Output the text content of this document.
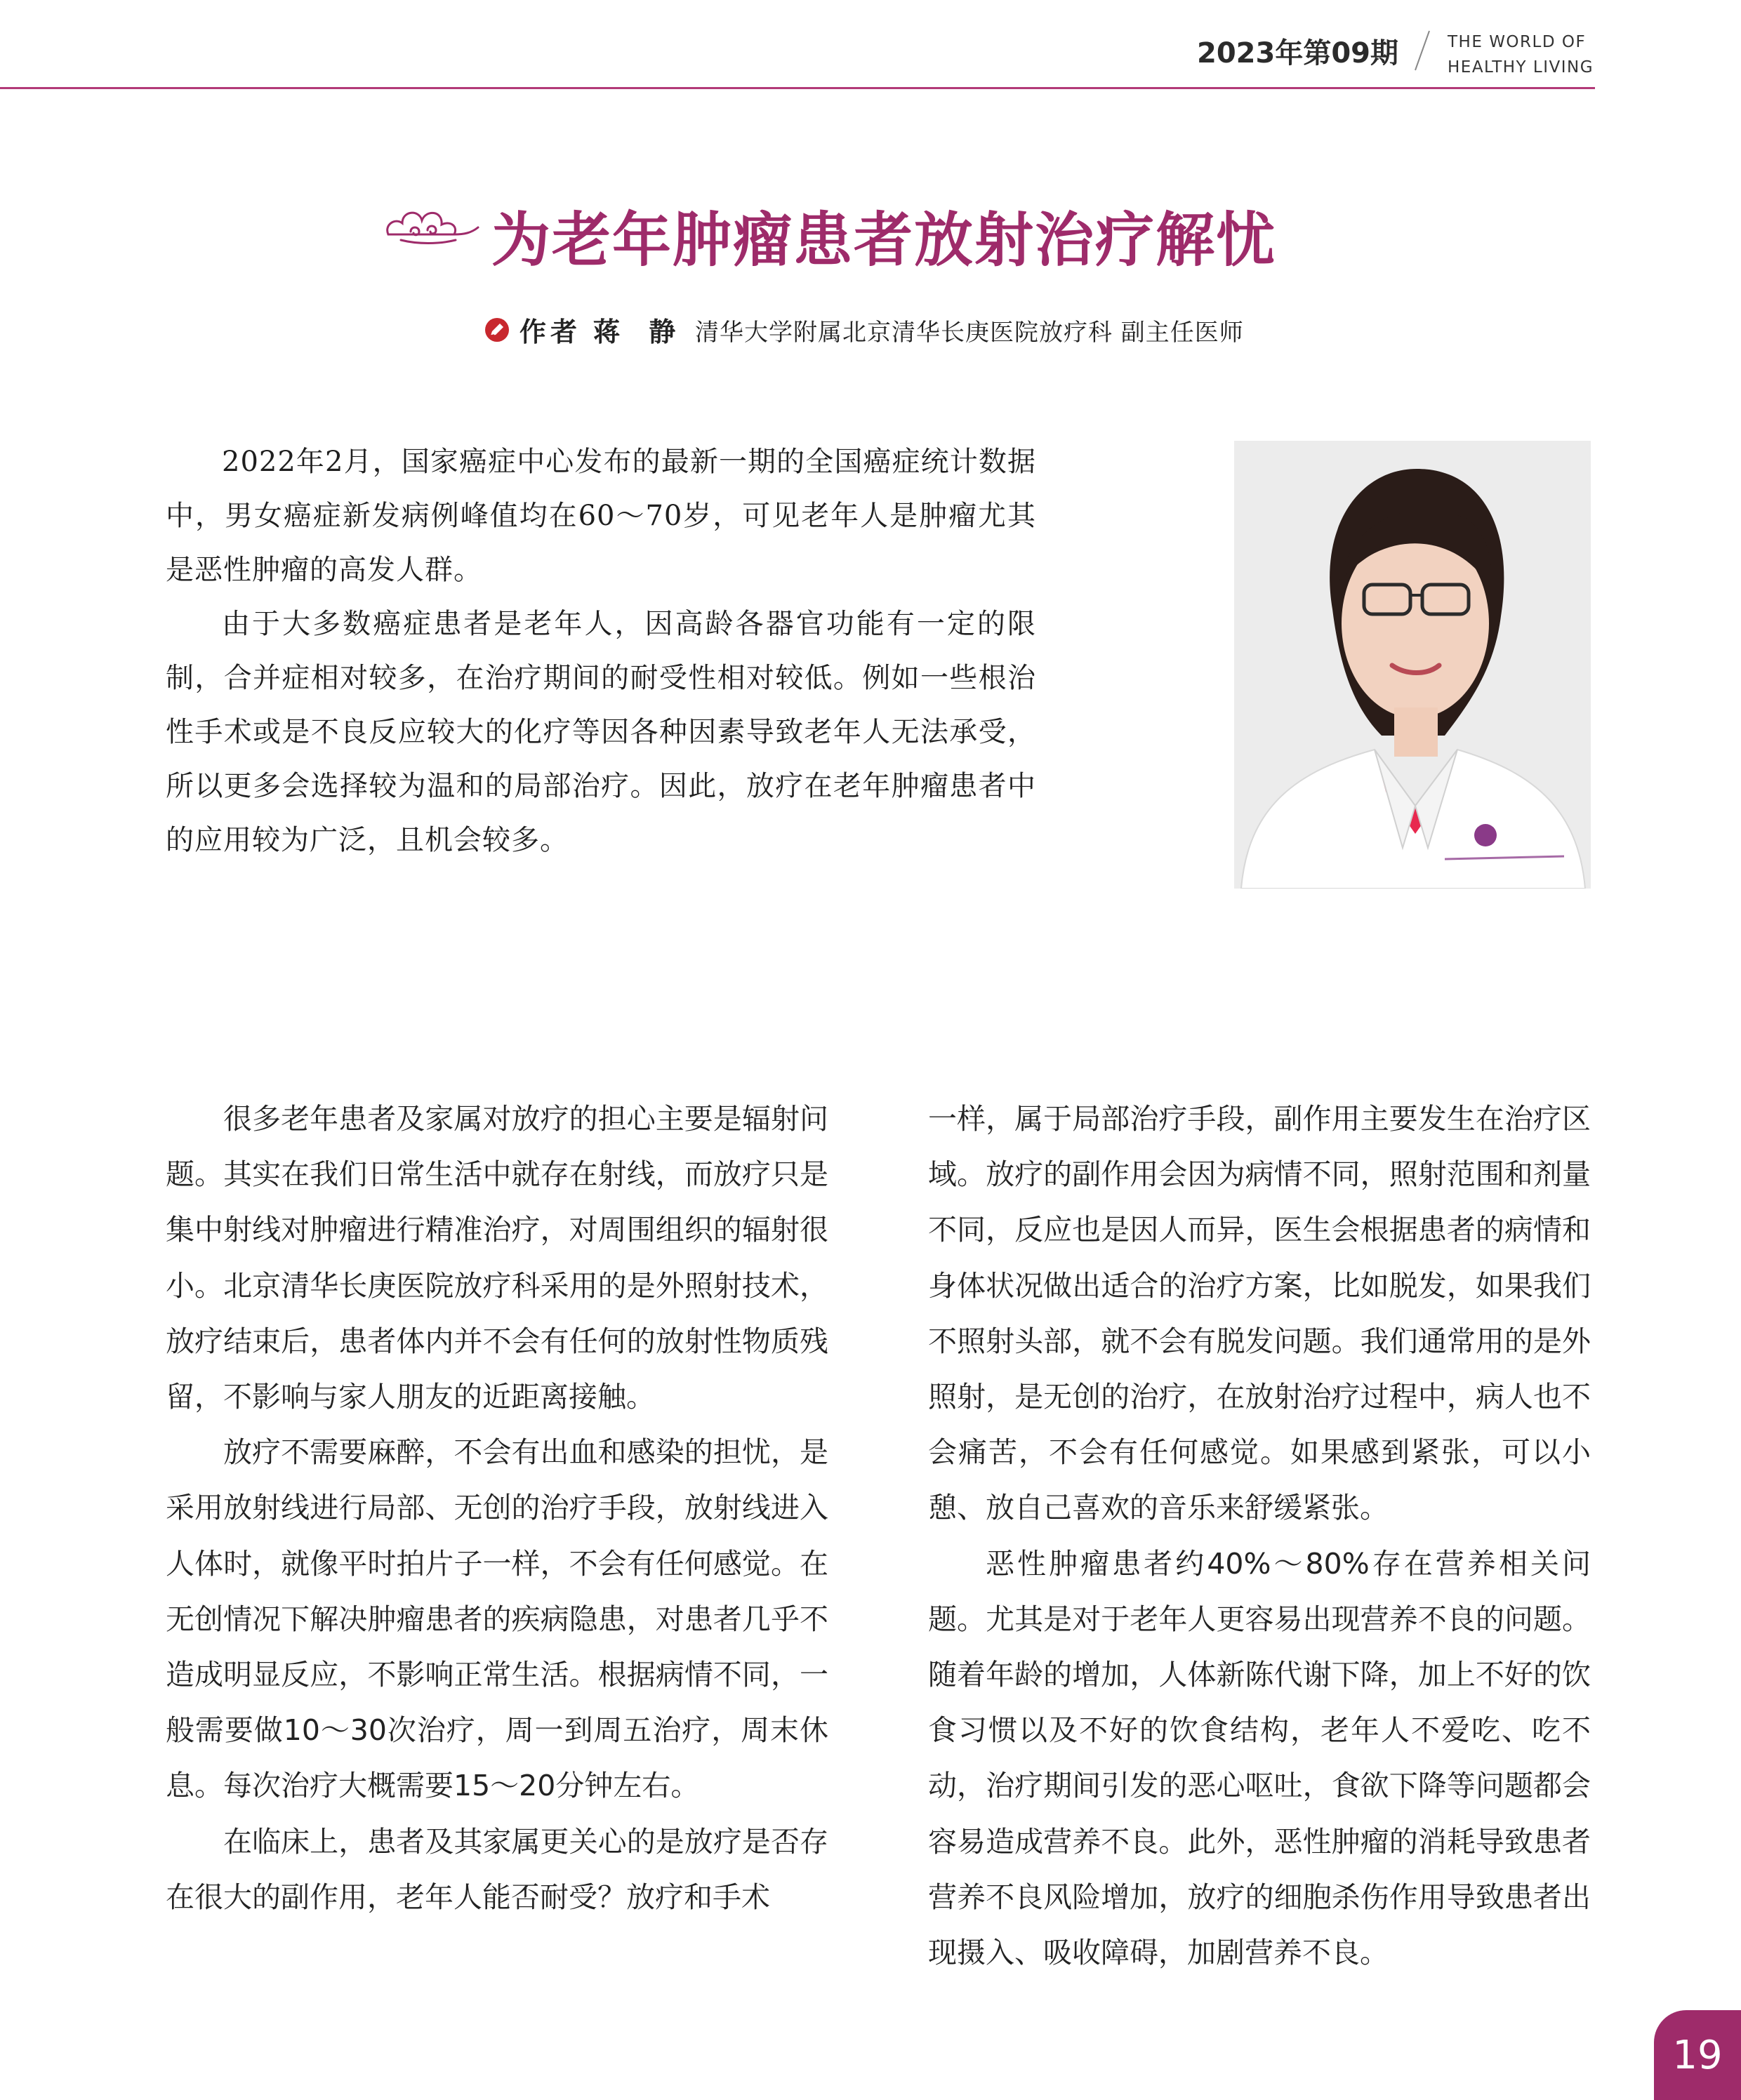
2023年第09期	THE WORLD OF
HEALTHY LIVING
为老年肿瘤患者放射治疗解忧
作者 蒋 静 清华大学附属北京清华长庚医院放疗科 副主任医师

2022年2月，国家癌症中心发布的最新一期的全国癌症统计数据中，男女癌症新发病例峰值均在60～70岁，可见老年人是肿瘤尤其是恶性肿瘤的高发人群。

由于大多数癌症患者是老年人，因高龄各器官功能有一定的限制，合并症相对较多，在治疗期间的耐受性相对较低。例如一些根治性手术或是不良反应较大的化疗等因各种因素导致老年人无法承受，所以更多会选择较为温和的局部治疗。因此，放疗在老年肿瘤患者中的应用较为广泛，且机会较多。

很多老年患者及家属对放疗的担心主要是辐射问题。其实在我们日常生活中就存在射线，而放疗只是集中射线对肿瘤进行精准治疗，对周围组织的辐射很小。北京清华长庚医院放疗科采用的是外照射技术，放疗结束后，患者体内并不会有任何的放射性物质残留，不影响与家人朋友的近距离接触。

放疗不需要麻醉，不会有出血和感染的担忧，是采用放射线进行局部、无创的治疗手段，放射线进入人体时，就像平时拍片子一样，不会有任何感觉。在无创情况下解决肿瘤患者的疾病隐患，对患者几乎不造成明显反应，不影响正常生活。根据病情不同，一般需要做10～30次治疗，周一到周五治疗，周末休息。每次治疗大概需要15～20分钟左右。

在临床上，患者及其家属更关心的是放疗是否存在很大的副作用，老年人能否耐受？放疗和手术

一样，属于局部治疗手段，副作用主要发生在治疗区域。放疗的副作用会因为病情不同，照射范围和剂量不同，反应也是因人而异，医生会根据患者的病情和身体状况做出适合的治疗方案，比如脱发，如果我们不照射头部，就不会有脱发问题。我们通常用的是外照射，是无创的治疗，在放射治疗过程中，病人也不会痛苦，不会有任何感觉。如果感到紧张，可以小憩、放自己喜欢的音乐来舒缓紧张。

恶性肿瘤患者约40%～80%存在营养相关问题。尤其是对于老年人更容易出现营养不良的问题。随着年龄的增加，人体新陈代谢下降，加上不好的饮食习惯以及不好的饮食结构，老年人不爱吃、吃不动，治疗期间引发的恶心呕吐，食欲下降等问题都会容易造成营养不良。此外，恶性肿瘤的消耗导致患者营养不良风险增加，放疗的细胞杀伤作用导致患者出现摄入、吸收障碍，加剧营养不良。

19
